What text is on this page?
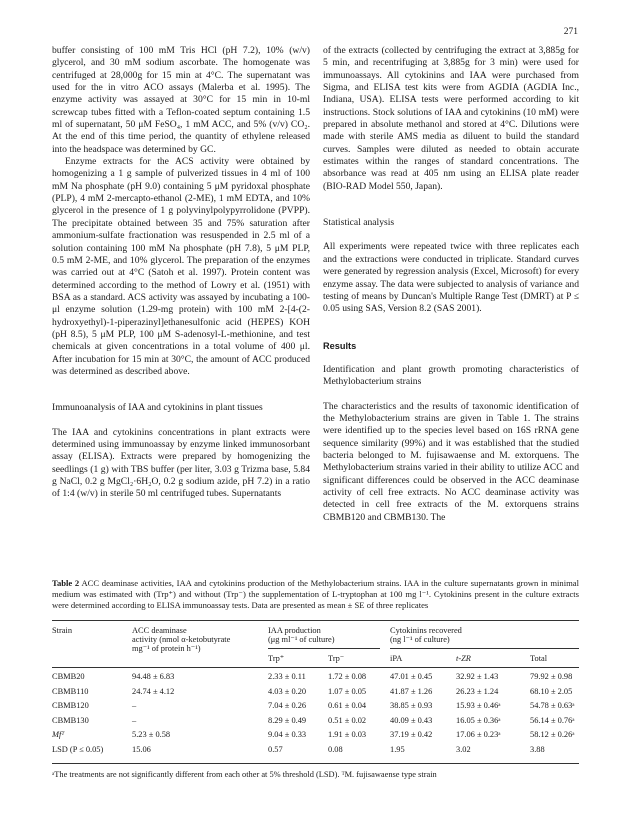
271

buffer consisting of 100 mM Tris HCl (pH 7.2), 10% (w/v) glycerol, and 30 mM sodium ascorbate. The homogenate was centrifuged at 28,000g for 15 min at 4°C. The supernatant was used for the in vitro ACO assays (Malerba et al. 1995). The enzyme activity was assayed at 30°C for 15 min in 10-ml screwcap tubes fitted with a Teflon-coated septum containing 1.5 ml of supernatant, 50 μM FeSO₄, 1 mM ACC, and 5% (v/v) CO₂. At the end of this time period, the quantity of ethylene released into the headspace was determined by GC.

Enzyme extracts for the ACS activity were obtained by homogenizing a 1 g sample of pulverized tissues in 4 ml of 100 mM Na phosphate (pH 9.0) containing 5 μM pyridoxal phosphate (PLP), 4 mM 2-mercapto-ethanol (2-ME), 1 mM EDTA, and 10% glycerol in the presence of 1 g polyvinylpolypyrrolidone (PVPP). The precipitate obtained between 35 and 75% saturation after ammonium-sulfate fractionation was resuspended in 2.5 ml of a solution containing 100 mM Na phosphate (pH 7.8), 5 μM PLP, 0.5 mM 2-ME, and 10% glycerol. The preparation of the enzymes was carried out at 4°C (Satoh et al. 1997). Protein content was determined according to the method of Lowry et al. (1951) with BSA as a standard. ACS activity was assayed by incubating a 100-μl enzyme solution (1.29-mg protein) with 100 mM 2-[4-(2-hydroxyethyl)-1-piperazinyl]ethanesulfonic acid (HEPES) KOH (pH 8.5), 5 μM PLP, 100 μM S-adenosyl-L-methionine, and test chemicals at given concentrations in a total volume of 400 μl. After incubation for 15 min at 30°C, the amount of ACC produced was determined as described above.

Immunoanalysis of IAA and cytokinins in plant tissues

The IAA and cytokinins concentrations in plant extracts were determined using immunoassay by enzyme linked immunosorbant assay (ELISA). Extracts were prepared by homogenizing the seedlings (1 g) with TBS buffer (per liter, 3.03 g Trizma base, 5.84 g NaCl, 0.2 g MgCl₂·6H₂O, 0.2 g sodium azide, pH 7.2) in a ratio of 1:4 (w/v) in sterile 50 ml centrifuged tubes. Supernatants

of the extracts (collected by centrifuging the extract at 3,885g for 5 min, and recentrifuging at 3,885g for 3 min) were used for immunoassays. All cytokinins and IAA were purchased from Sigma, and ELISA test kits were from AGDIA (AGDIA Inc., Indiana, USA). ELISA tests were performed according to kit instructions. Stock solutions of IAA and cytokinins (10 mM) were prepared in absolute methanol and stored at 4°C. Dilutions were made with sterile AMS media as diluent to build the standard curves. Samples were diluted as needed to obtain accurate estimates within the ranges of standard concentrations. The absorbance was read at 405 nm using an ELISA plate reader (BIO-RAD Model 550, Japan).

Statistical analysis

All experiments were repeated twice with three replicates each and the extractions were conducted in triplicate. Standard curves were generated by regression analysis (Excel, Microsoft) for every enzyme assay. The data were subjected to analysis of variance and testing of means by Duncan's Multiple Range Test (DMRT) at P ≤ 0.05 using SAS, Version 8.2 (SAS 2001).

Results
Identification and plant growth promoting characteristics of Methylobacterium strains

The characteristics and the results of taxonomic identification of the Methylobacterium strains are given in Table 1. The strains were identified up to the species level based on 16S rRNA gene sequence similarity (99%) and it was established that the studied bacteria belonged to M. fujisawaense and M. extorquens. The Methylobacterium strains varied in their ability to utilize ACC and significant differences could be observed in the ACC deaminase activity of cell free extracts. No ACC deaminase activity was detected in cell free extracts of the M. extorquens strains CBMB120 and CBMB130. The

Table 2 ACC deaminase activities, IAA and cytokinins production of the Methylobacterium strains. IAA in the culture supernatants grown in minimal medium was estimated with (Trp⁺) and without (Trp⁻) the supplementation of L-tryptophan at 100 mg l⁻¹. Cytokinins present in the culture extracts were determined according to ELISA immunoassay tests. Data are presented as mean ± SE of three replicates
Strain	ACC deaminase
activity (nmol α-ketobutyrate
mg⁻¹ of protein h⁻¹)
IAA production
(μg ml⁻¹ of culture)
Cytokinins recovered
(ng l⁻¹ of culture)
Trp⁺	Trp⁻	iPA	t-ZR	Total
CBMB20	94.48 ± 6.83	2.33 ± 0.11	1.72 ± 0.08	47.01 ± 0.45	32.92 ± 1.43	79.92 ± 0.98
CBMB110	24.74 ± 4.12	4.03 ± 0.20	1.07 ± 0.05	41.87 ± 1.26	26.23 ± 1.24	68.10 ± 2.05
CBMB120	–	7.04 ± 0.26	0.61 ± 0.04	38.85 ± 0.93	15.93 ± 0.46ᵃ	54.78 ± 0.63ᵃ
CBMB130	–	8.29 ± 0.49	0.51 ± 0.02	40.09 ± 0.43	16.05 ± 0.36ᵃ	56.14 ± 0.76ᵃ
Mfᵀ	5.23 ± 0.58	9.04 ± 0.33	1.91 ± 0.03	37.19 ± 0.42	17.06 ± 0.23ᵃ	58.12 ± 0.26ᵃ
LSD (P ≤ 0.05)	15.06	0.57	0.08	1.95	3.02	3.88
ᵃThe treatments are not significantly different from each other at 5% threshold (LSD). ᵀM. fujisawaense type strain
